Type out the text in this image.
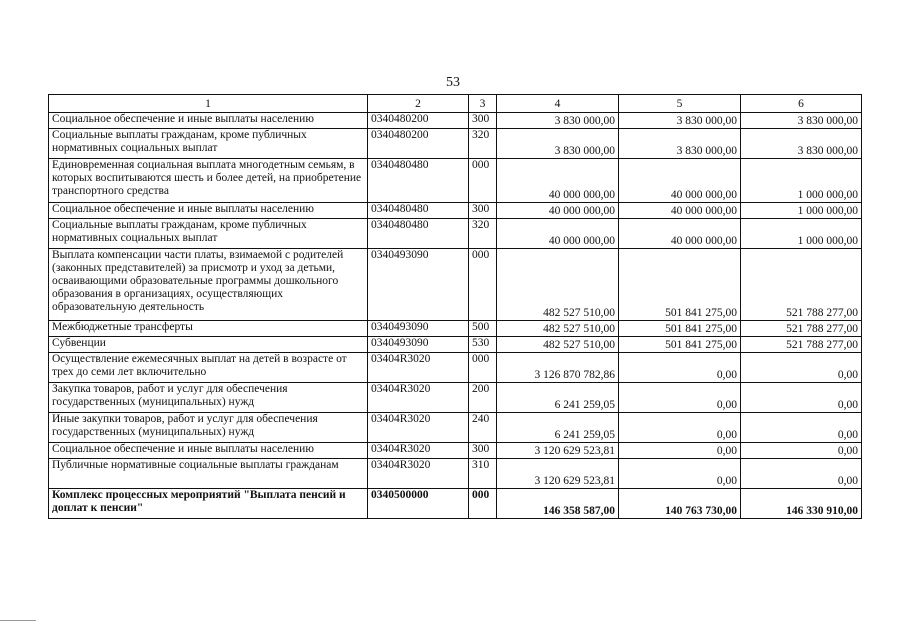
53
1	2	3	4	5	6
Социальное обеспечение и иные выплаты населению	0340480200	300	3 830 000,00	3 830 000,00	3 830 000,00
Социальные выплаты гражданам, кроме публичных нормативных социальных выплат	0340480200	320	3 830 000,00	3 830 000,00	3 830 000,00
Единовременная социальная выплата многодетным семьям, в которых воспитываются шесть и более детей, на приобретение транспортного средства	0340480480	000	40 000 000,00	40 000 000,00	1 000 000,00
Социальное обеспечение и иные выплаты населению	0340480480	300	40 000 000,00	40 000 000,00	1 000 000,00
Социальные выплаты гражданам, кроме публичных нормативных социальных выплат	0340480480	320	40 000 000,00	40 000 000,00	1 000 000,00
Выплата компенсации части платы, взимаемой с родителей (законных представителей) за присмотр и уход за детьми, осваивающими образовательные программы дошкольного образования в организациях, осуществляющих образовательную деятельность	0340493090	000	482 527 510,00	501 841 275,00	521 788 277,00
Межбюджетные трансферты	0340493090	500	482 527 510,00	501 841 275,00	521 788 277,00
Субвенции	0340493090	530	482 527 510,00	501 841 275,00	521 788 277,00
Осуществление ежемесячных выплат на детей в возрасте от трех до семи лет включительно	03404R3020	000	3 126 870 782,86	0,00	0,00
Закупка товаров, работ и услуг для обеспечения государственных (муниципальных) нужд	03404R3020	200	6 241 259,05	0,00	0,00
Иные закупки товаров, работ и услуг для обеспечения государственных (муниципальных) нужд	03404R3020	240	6 241 259,05	0,00	0,00
Социальное обеспечение и иные выплаты населению	03404R3020	300	3 120 629 523,81	0,00	0,00
Публичные нормативные социальные выплаты гражданам	03404R3020	310	3 120 629 523,81	0,00	0,00
Комплекс процессных мероприятий "Выплата пенсий и доплат к пенсии"	0340500000	000	146 358 587,00	140 763 730,00	146 330 910,00
